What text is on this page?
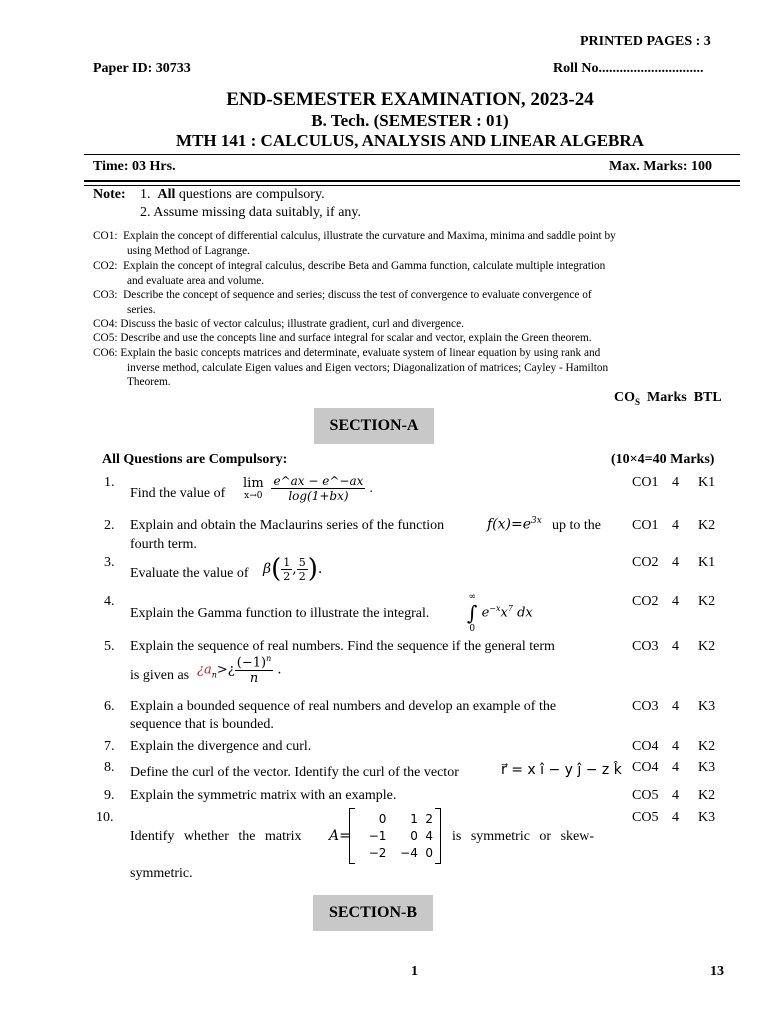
PRINTED PAGES : 3
Paper ID: 30733	Roll No..............................
END-SEMESTER EXAMINATION, 2023-24
B. Tech. (SEMESTER : 01)
MTH 141 : CALCULUS, ANALYSIS AND LINEAR ALGEBRA
Time: 03 Hrs.	Max. Marks: 100
Note: 1. All questions are compulsory.
2. Assume missing data suitably, if any.
CO1: Explain the concept of differential calculus, illustrate the curvature and Maxima, minima and saddle point by
using Method of Lagrange.
CO2: Explain the concept of integral calculus, describe Beta and Gamma function, calculate multiple integration
and evaluate area and volume.
CO3: Describe the concept of sequence and series; discuss the test of convergence to evaluate convergence of
series.
CO4: Discuss the basic of vector calculus; illustrate gradient, curl and divergence.
CO5: Describe and use the concepts line and surface integral for scalar and vector, explain the Green theorem.
CO6: Explain the basic concepts matrices and determinate, evaluate system of linear equation by using rank and
inverse method, calculate Eigen values and Eigen vectors; Diagonalization of matrices; Cayley - Hamilton
Theorem.
$CO_S$ Marks BTL
SECTION-A
All Questions are Compulsory:	(10×4=40 Marks)
1.
Find the value of
lim
x→0
$\frac{e\^{}ax - e\^{}-ax}{\log(1+bx)}$ .	CO1 4 K1
2. Explain and obtain the Maclaurins series of the function	$f(x)=e^{3x}$ up to the
fourth term.
CO1 4 K2
3.
Evaluate the value of $\beta( \frac{1}{2}$ , $\frac{5}{2}$ ).	CO2 4 K1
4.
Explain the Gamma function to illustrate the integral.
∞
∫
0
$e^{-x}x^7$ dx
CO2 4 K2
5. Explain the sequence of real numbers. Find the sequence if the general term
is given as ¿$a_n>¿ \frac{(-1)^n}{n}$ .
CO3 4 K2
6. Explain a bounded sequence of real numbers and develop an example of the
sequence that is bounded.
CO3 4 K3
7. Explain the divergence and curl.	CO4 4 K2
8. Define the curl of the vector. Identify the curl of the vector	r⃗ = x î − y ĵ − z k̂ CO4 4 K3
9. Explain the symmetric matrix with an example.	CO5 4 K2
10.
Identify whether the matrix A=
0	1	2
−1	0	4
−2	−4	0
is symmetric or skew-
symmetric.
CO5 4 K3
SECTION-B
1	13
